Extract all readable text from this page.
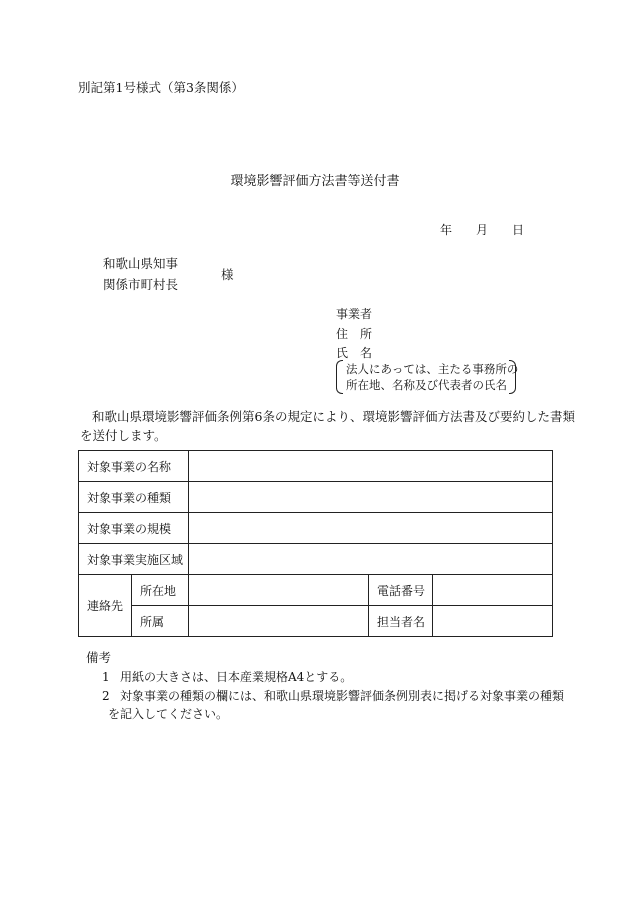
別記第1号様式（第3条関係）
環境影響評価方法書等送付書
年 月 日
和歌山県知事
関係市町村長
様
事業者
住　所
氏　名
法人にあっては、主たる事務所の
所在地、名称及び代表者の氏名
和歌山県環境影響評価条例第6条の規定により、環境影響評価方法書及び要約した書類
を送付します。
対象事業の名称				
対象事業の種類				
対象事業の規模				
対象事業実施区域				
連絡先	所在地		電話番号	
	所属		担当者名	
備考
1 用紙の大きさは、日本産業規格A4とする。
2 対象事業の種類の欄には、和歌山県環境影響評価条例別表に掲げる対象事業の種類
を記入してください。
